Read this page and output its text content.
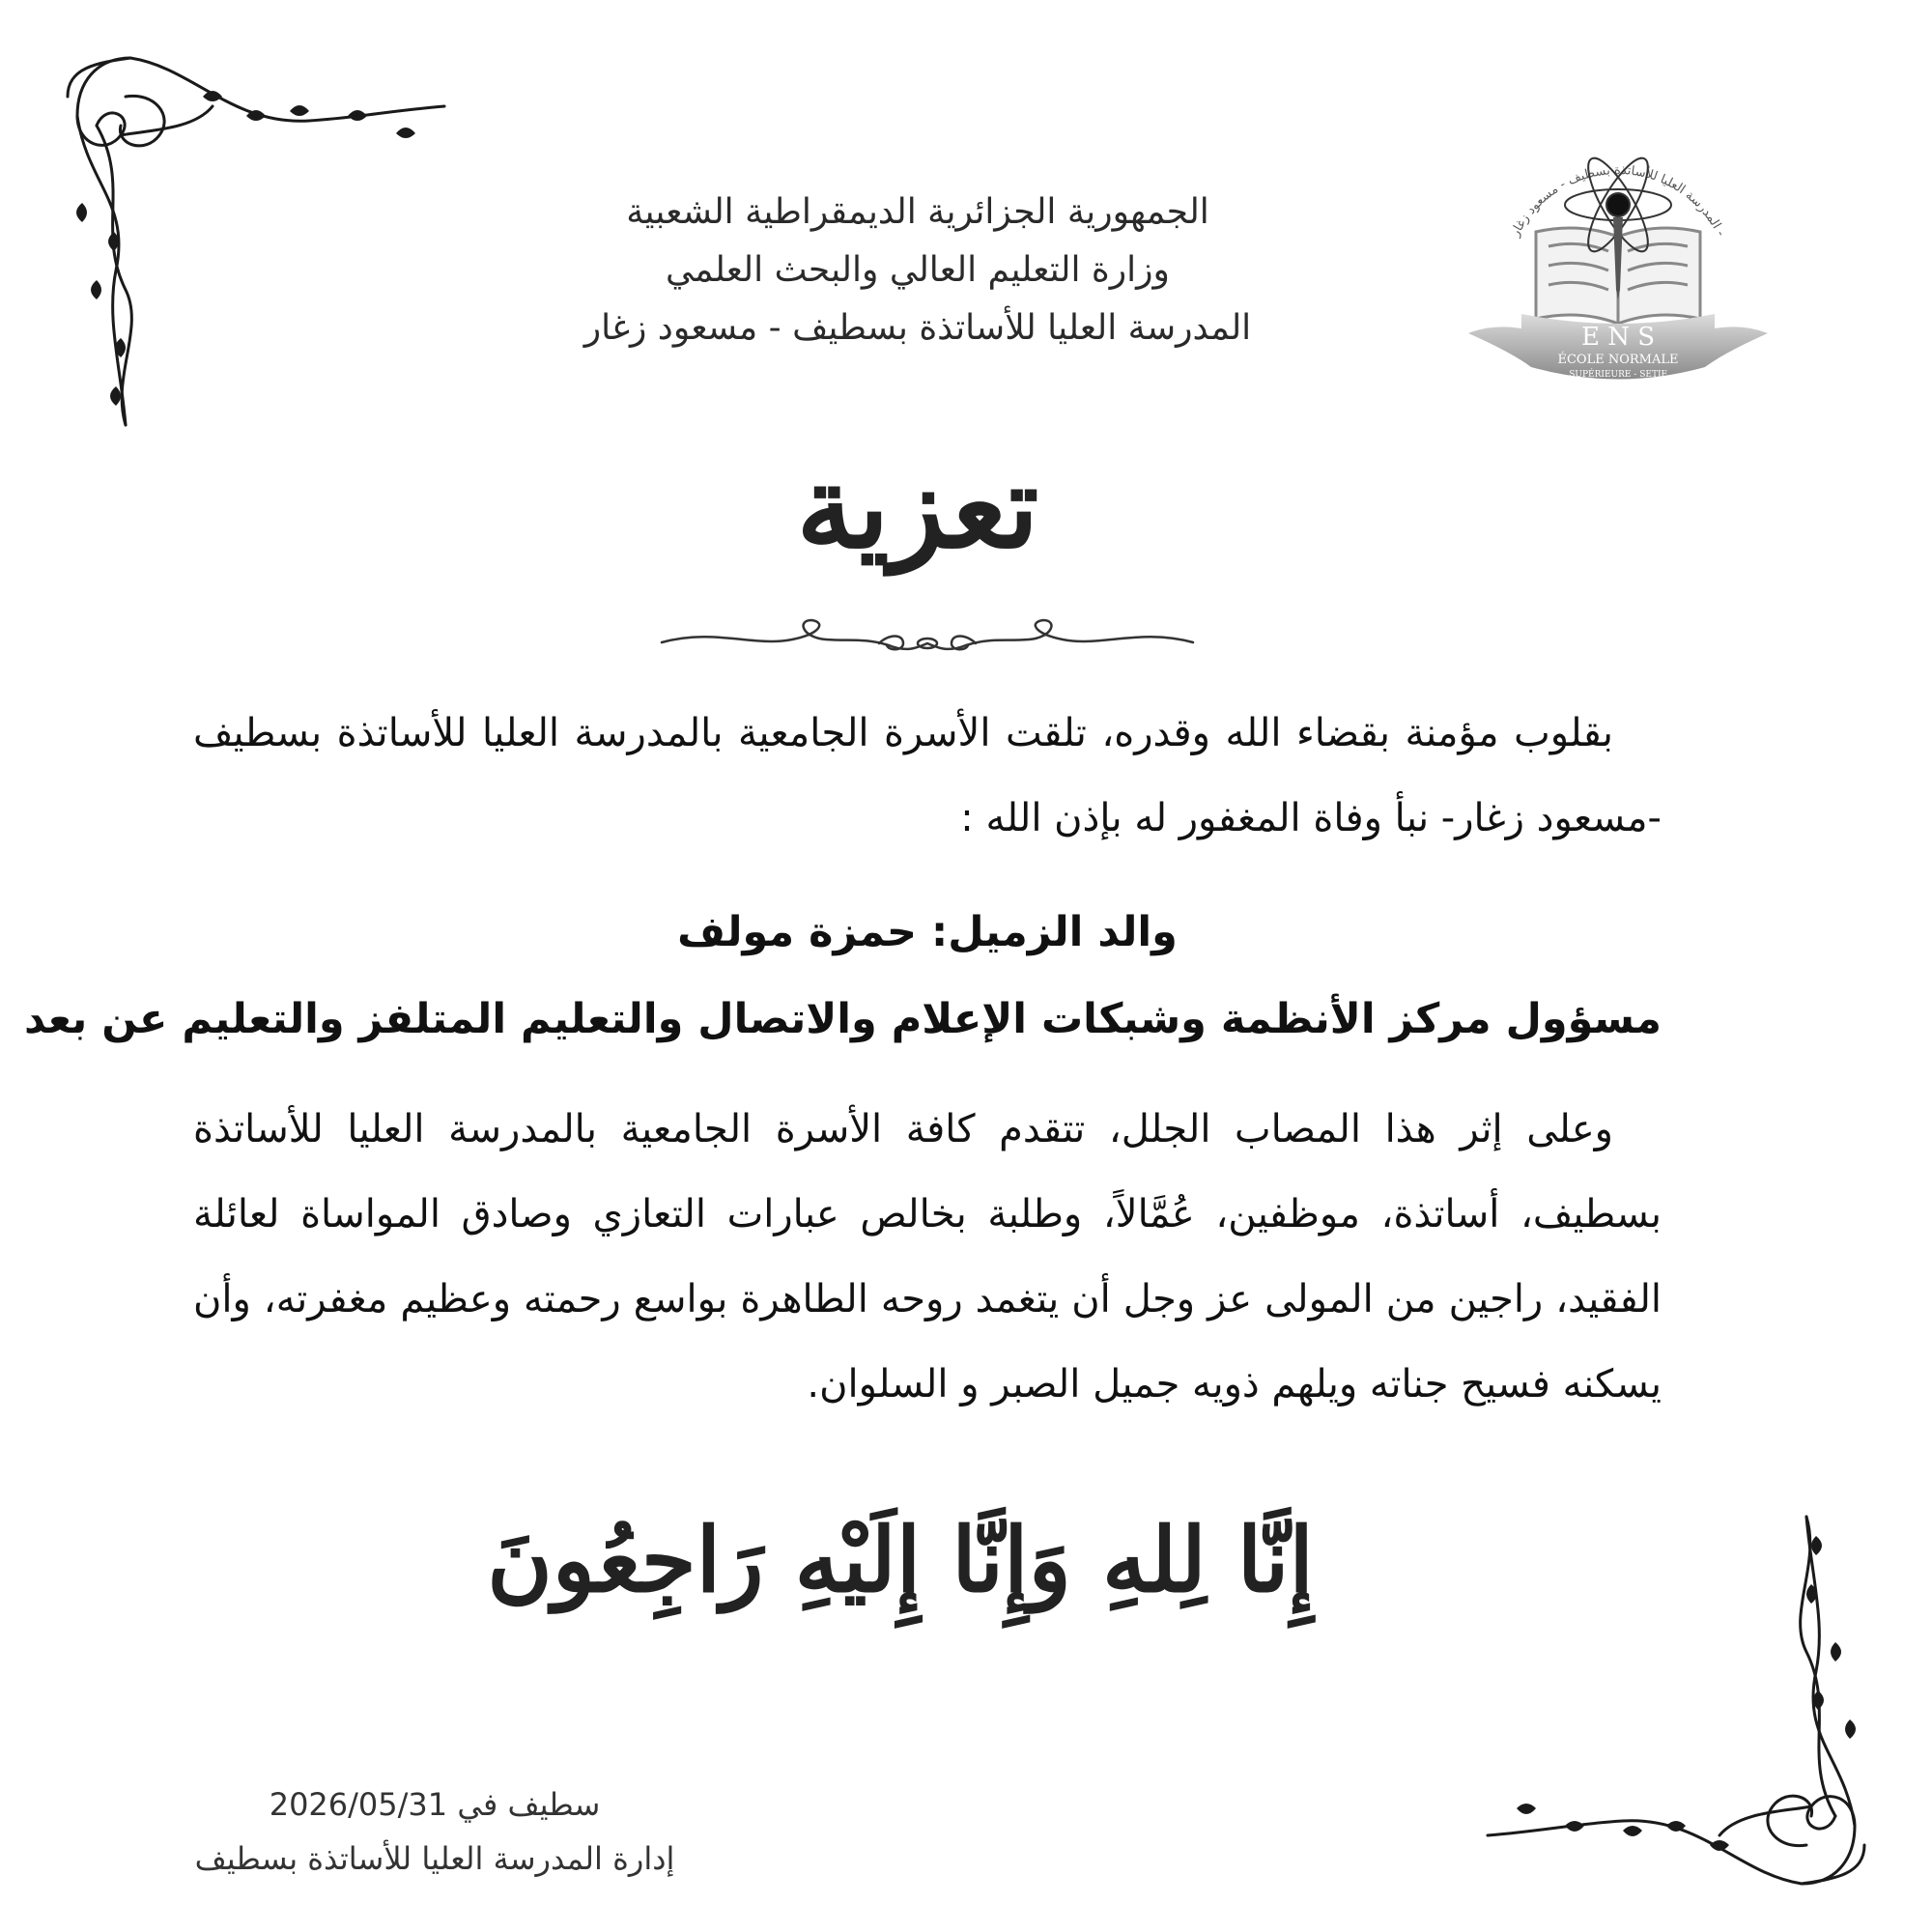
الجمهورية الجزائرية الديمقراطية الشعبية
وزارة التعليم العالي والبحث العلمي
المدرسة العليا للأساتذة بسطيف - مسعود زغار
المدرسة العليا للأساتذة بسطيف - مسعود زغار -
E N S
ÉCOLE NORMALE
SUPÉRIEURE - SETIF
تعزية
بقلوب مؤمنة بقضاء الله وقدره، تلقت الأسرة الجامعية بالمدرسة العليا للأساتذة بسطيف -مسعود زغار- نبأ وفاة المغفور له بإذن الله :
والد الزميل: حمزة مولف
مسؤول مركز الأنظمة وشبكات الإعلام والاتصال والتعليم المتلفز والتعليم عن بعد
وعلى إثر هذا المصاب الجلل، تتقدم كافة الأسرة الجامعية بالمدرسة العليا للأساتذة بسطيف، أساتذة، موظفين، عُمَّالاً، وطلبة بخالص عبارات التعازي وصادق المواساة لعائلة الفقيد، راجين من المولى عز وجل أن يتغمد روحه الطاهرة بواسع رحمته وعظيم مغفرته، وأن يسكنه فسيح جناته ويلهم ذويه جميل الصبر و السلوان.
إِنَّا لِلهِ وَإِنَّا إِلَيْهِ رَاجِعُونَ
سطيف في 2026/05/31
إدارة المدرسة العليا للأساتذة بسطيف
